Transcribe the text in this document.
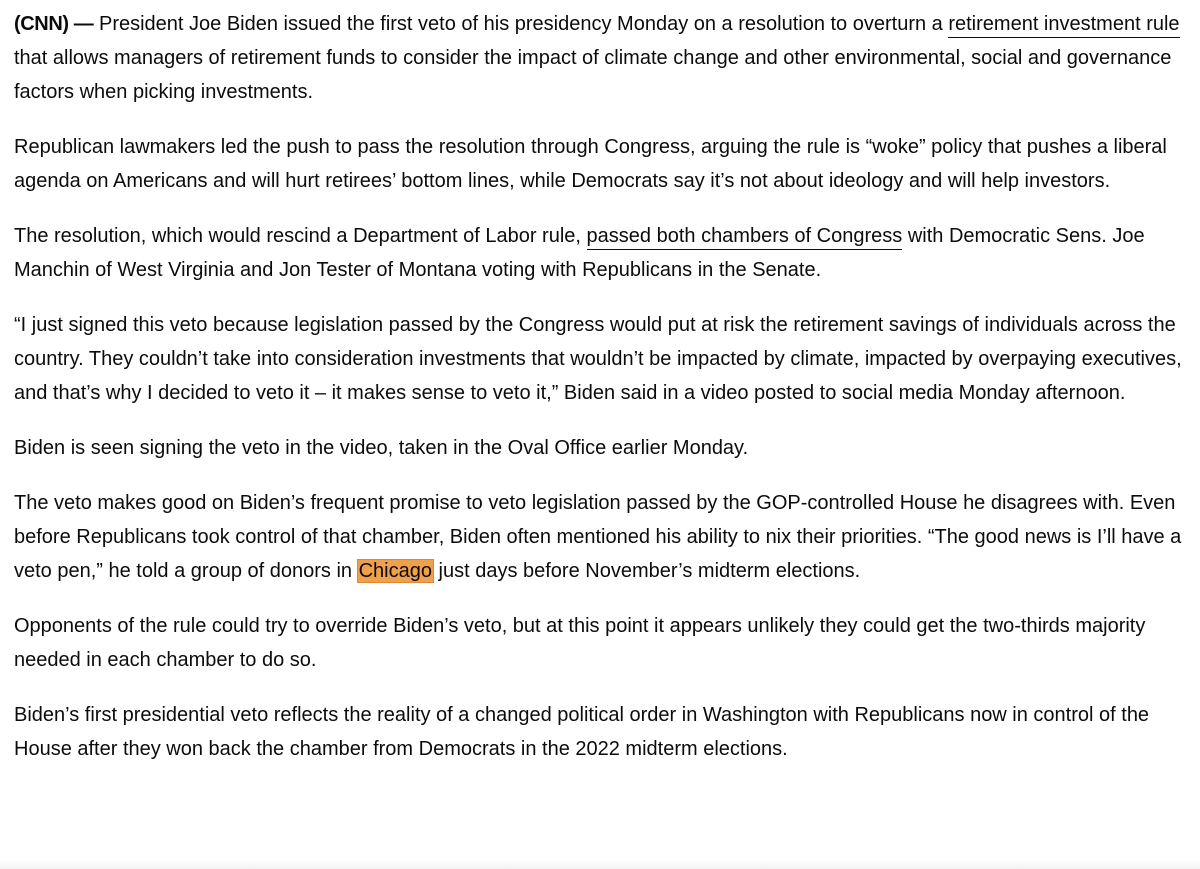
(CNN) — President Joe Biden issued the first veto of his presidency Monday on a resolution to overturn a retirement investment rule that allows managers of retirement funds to consider the impact of climate change and other environmental, social and governance factors when picking investments.

Republican lawmakers led the push to pass the resolution through Congress, arguing the rule is “woke” policy that pushes a liberal agenda on Americans and will hurt retirees’ bottom lines, while Democrats say it’s not about ideology and will help investors.

The resolution, which would rescind a Department of Labor rule, passed both chambers of Congress with Democratic Sens. Joe Manchin of West Virginia and Jon Tester of Montana voting with Republicans in the Senate.

“I just signed this veto because legislation passed by the Congress would put at risk the retirement savings of individuals across the country. They couldn’t take into consideration investments that wouldn’t be impacted by climate, impacted by overpaying executives, and that’s why I decided to veto it – it makes sense to veto it,” Biden said in a video posted to social media Monday afternoon.

Biden is seen signing the veto in the video, taken in the Oval Office earlier Monday.

The veto makes good on Biden’s frequent promise to veto legislation passed by the GOP-controlled House he disagrees with. Even before Republicans took control of that chamber, Biden often mentioned his ability to nix their priorities. “The good news is I’ll have a veto pen,” he told a group of donors in Chicago just days before November’s midterm elections.

Opponents of the rule could try to override Biden’s veto, but at this point it appears unlikely they could get the two-thirds majority needed in each chamber to do so.

Biden’s first presidential veto reflects the reality of a changed political order in Washington with Republicans now in control of the House after they won back the chamber from Democrats in the 2022 midterm elections.
